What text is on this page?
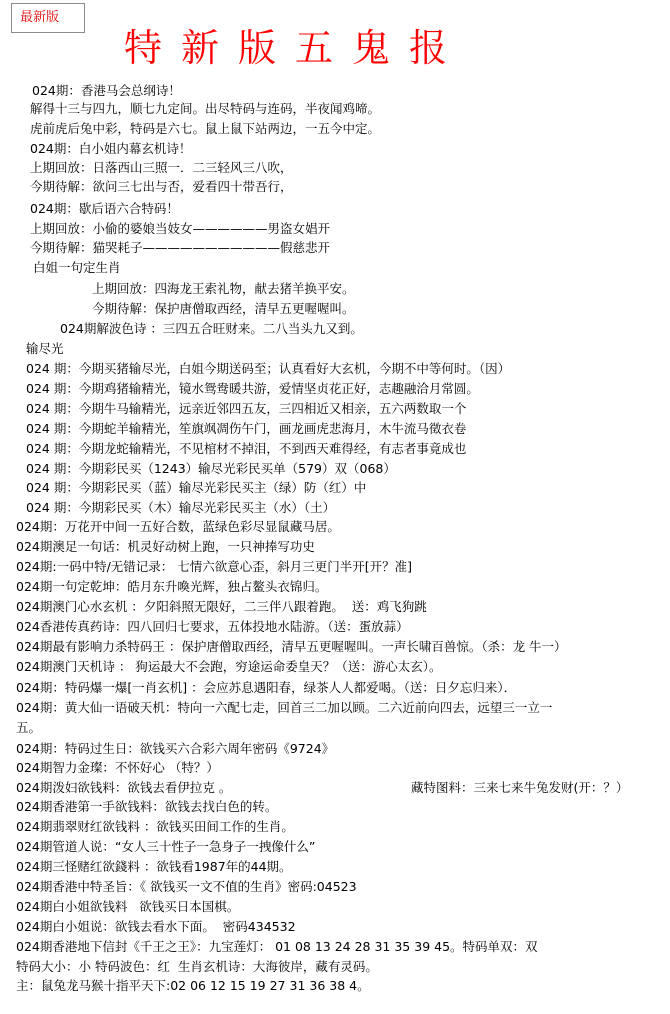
最新版
特新版五鬼报
024期：香港马会总纲诗！
解得十三与四九，顺七九定间。出尽特码与连码，半夜闻鸡啼。
虎前虎后兔中彩，特码是六七。鼠上鼠下站两边，一五今中定。
024期：白小姐内幕玄机诗！
上期回放：日落西山三照一．二三轻风三八吹，
今期待解：欲问三七出与否，爱看四十带吾行，
024期：歇后语六合特码！
上期回放：小偷的婆娘当妓女——————男盗女娼开
今期待解：猫哭耗子———————————假慈悲开
白姐一句定生肖
上期回放：四海龙王索礼物，献去猪羊换平安。
今期待解：保护唐僧取西经，清早五更喔喔叫。
024期解波色诗 ：三四五合旺财来。二八当头九又到。
输尽光
024 期：今期买猪输尽光，白姐今期送码至；认真看好大玄机，今期不中等何时。（因）
024 期：今期鸡猪输精光，镜水鸳鸯暖共游，爱情坚贞花正好，志趣融洽月常圆。
024 期：今期牛马输精光，远亲近邻四五友，三四相近又相亲，五六两数取一个
024 期：今期蛇羊输精光，笙旗飒凋伤午门，画龙画虎悲海月，木牛流马徵衣卷
024 期：今期龙蛇输精光，不见棺材不掉泪，不到西天难得经，有志者事竟成也
024 期：今期彩民买（1243）输尽光彩民买单（579）双（068）
024 期：今期彩民买（蓝）输尽光彩民买主（绿）防（红）中
024 期：今期彩民买（木）输尽光彩民买主（水）（土）
024期：万花开中间一五好合数，蓝绿色彩尽显鼠藏马居。
024期澳足一句话：机灵好动树上跑，一只神捧写功史
024期:一码中特/无错记录： 七情六欲意心歪，斜月三更门半开[开？准]
024期一句定乾坤：皓月东升喚光辉，独占鳌头衣锦归。
024期澳门心水玄机 ：夕阳斜照无限好，二三伴八跟着跑。  送：鸡飞狗跳
024香港传真药诗：四八回归七要求，五体投地水陆游。（送：蛋放蒜）
024期最有影响力杀特码王 ：保护唐僧取西经，清早五更喔喔叫。一声长啸百兽惊。（杀：龙 牛一）
024期澳门天机诗 ： 狗运最大不会跑，穷途运命委皇天？（送：游心太玄）。
024期：特码爆一爆[一肖玄机] ：会应苏息遇阳春，绿茶人人都爱喝。（送：日夕忘归来）．
024期：黄大仙一语破天机：特向一六配七走，回首三二加以顾。二六近前向四去，远望三一立一
五。
024期：特码过生日：欲钱买六合彩六周年密码《9724》
024期智力金璨：不怀好心 （特？）
024期泼妇欲钱料：欲钱去看伊拉克 。	藏特图料：三来七来牛兔发财(开：？）
024期香港第一手欲钱料：欲钱去找白色的转。
024期翡翠财红欲钱料 ：欲钱买田间工作的生肖。
024期管道人说：“女人三十性子一急身子一拽像什么”
024期三怪赌红欲錢料 ：欲钱看1987年的44期。
024期香港中特圣旨：《 欲钱买一文不值的生肖》密码:04523
024期白小姐欲钱料   欲钱买日本国棋。
024期白小姐说：欲钱去看水下面。  密码434532
024期香港地下信封《千王之王》：九宝莲灯： 01 08 13 24 28 31 35 39 45。特码单双：双
特码大小：小 特码波色：红  生肖玄机诗：大海彼岸，藏有灵码。
主：鼠兔龙马猴十指平天下:02 06 12 15 19 27 31 36 38 4。
